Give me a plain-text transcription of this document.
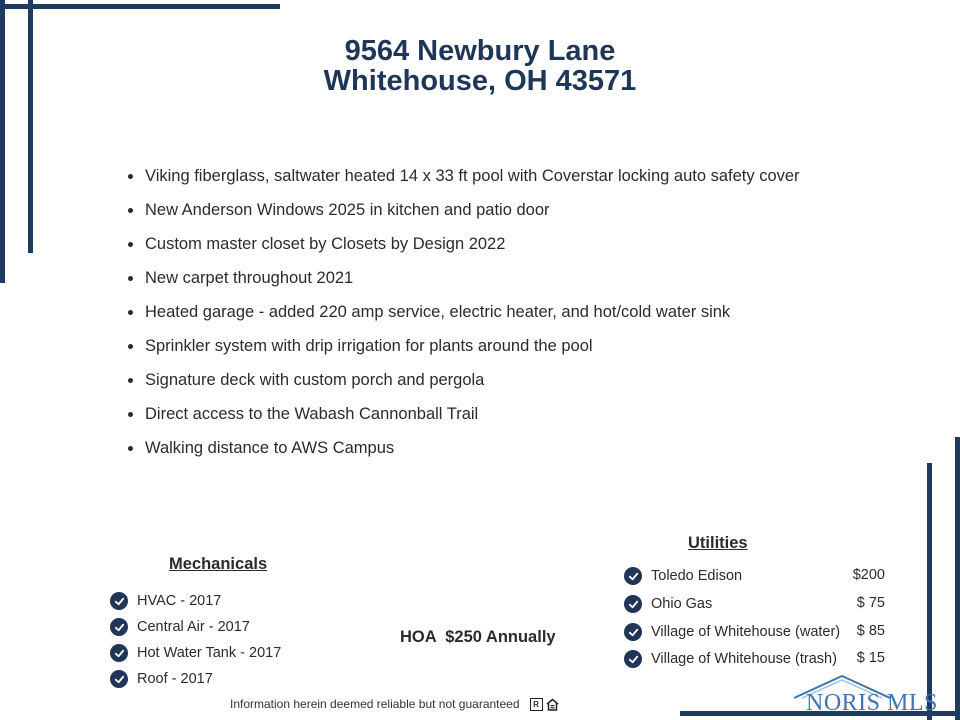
9564 Newbury Lane
Whitehouse, OH 43571
Viking fiberglass, saltwater heated 14 x 33 ft pool with Coverstar locking auto safety cover
New Anderson Windows 2025 in kitchen and patio door
Custom master closet by Closets by Design 2022
New carpet throughout 2021
Heated garage - added 220 amp service, electric heater, and hot/cold water sink
Sprinkler system with drip irrigation for plants around the pool
Signature deck with custom porch and pergola
Direct access to the Wabash Cannonball Trail
Walking distance to AWS Campus
Mechanicals
HVAC - 2017
Central Air - 2017
Hot Water Tank - 2017
Roof - 2017
HOA  $250 Annually
Utilities
Toledo Edison	$200
Ohio Gas	$ 75
Village of Whitehouse (water)	$ 85
Village of Whitehouse (trash)	$ 15
Information herein deemed reliable but not guaranteed	R	NORIS MLS
